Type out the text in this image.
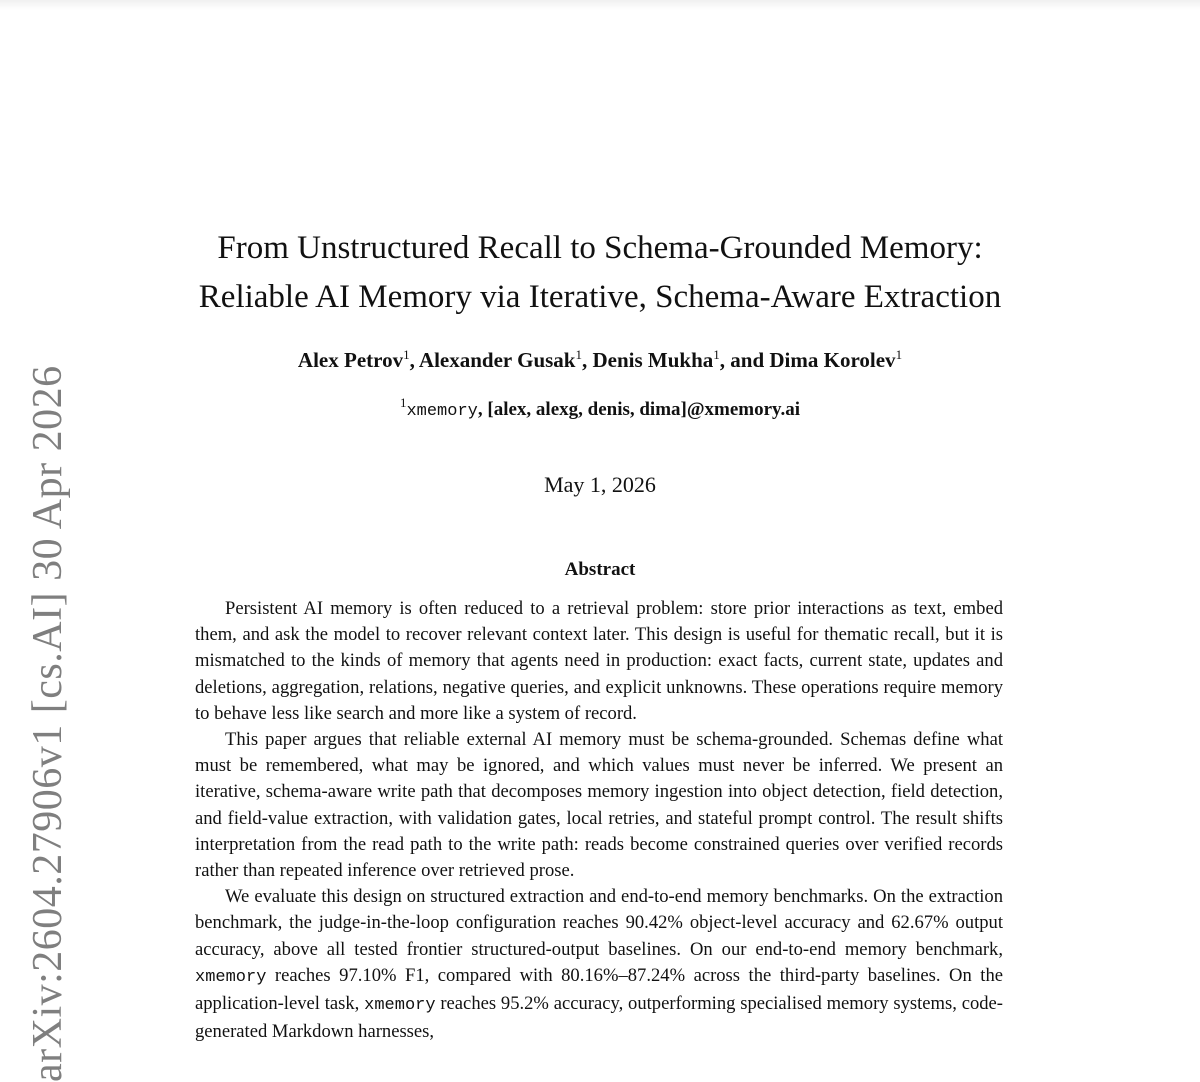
arXiv:2604.27906v1 [cs.AI] 30 Apr 2026
From Unstructured Recall to Schema-Grounded Memory:
Reliable AI Memory via Iterative, Schema-Aware Extraction
Alex Petrov$^1$, Alexander Gusak$^1$, Denis Mukha$^1$, and Dima Korolev$^1$
$^1$xmemory, [alex, alexg, denis, dima]@xmemory.ai
May 1, 2026
Abstract

Persistent AI memory is often reduced to a retrieval problem: store prior interactions as text, embed them, and ask the model to recover relevant context later. This design is useful for thematic recall, but it is mismatched to the kinds of memory that agents need in production: exact facts, current state, updates and deletions, aggregation, relations, negative queries, and explicit unknowns. These operations require memory to behave less like search and more like a system of record.

This paper argues that reliable external AI memory must be schema-grounded. Schemas define what must be remembered, what may be ignored, and which values must never be inferred. We present an iterative, schema-aware write path that decomposes memory ingestion into object detection, field detection, and field-value extraction, with validation gates, local retries, and stateful prompt control. The result shifts interpretation from the read path to the write path: reads become constrained queries over verified records rather than repeated inference over retrieved prose.

We evaluate this design on structured extraction and end-to-end memory benchmarks. On the extraction benchmark, the judge-in-the-loop configuration reaches 90.42% object-level accuracy and 62.67% output accuracy, above all tested frontier structured-output baselines. On our end-to-end memory benchmark, xmemory reaches 97.10% F1, compared with 80.16%–87.24% across the third-party baselines. On the application-level task, xmemory reaches 95.2% accuracy, outperforming specialised memory systems, code-generated Markdown harnesses,
